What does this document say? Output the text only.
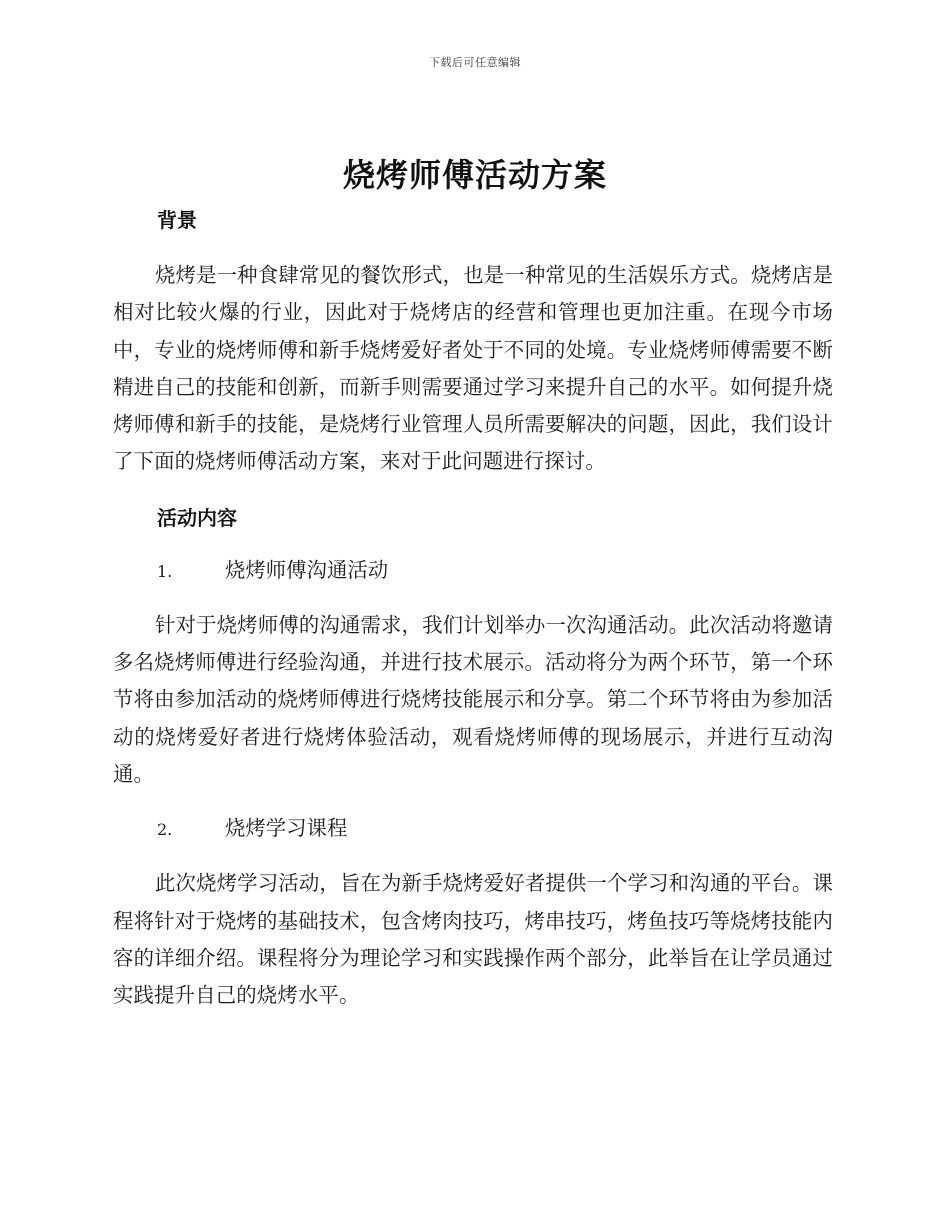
下载后可任意编辑
烧烤师傅活动方案
背景

烧烤是一种食肆常见的餐饮形式，也是一种常见的生活娱乐方式。烧烤店是相对比较火爆的行业，因此对于烧烤店的经营和管理也更加注重。在现今市场中，专业的烧烤师傅和新手烧烤爱好者处于不同的处境。专业烧烤师傅需要不断精进自己的技能和创新，而新手则需要通过学习来提升自己的水平。如何提升烧烤师傅和新手的技能，是烧烤行业管理人员所需要解决的问题，因此，我们设计了下面的烧烤师傅活动方案，来对于此问题进行探讨。

活动内容
1.	烧烤师傅沟通活动

针对于烧烤师傅的沟通需求，我们计划举办一次沟通活动。此次活动将邀请多名烧烤师傅进行经验沟通，并进行技术展示。活动将分为两个环节，第一个环节将由参加活动的烧烤师傅进行烧烤技能展示和分享。第二个环节将由为参加活动的烧烤爱好者进行烧烤体验活动，观看烧烤师傅的现场展示，并进行互动沟通。

2.	烧烤学习课程

此次烧烤学习活动，旨在为新手烧烤爱好者提供一个学习和沟通的平台。课程将针对于烧烤的基础技术，包含烤肉技巧，烤串技巧，烤鱼技巧等烧烤技能内容的详细介绍。课程将分为理论学习和实践操作两个部分，此举旨在让学员通过实践提升自己的烧烤水平。
